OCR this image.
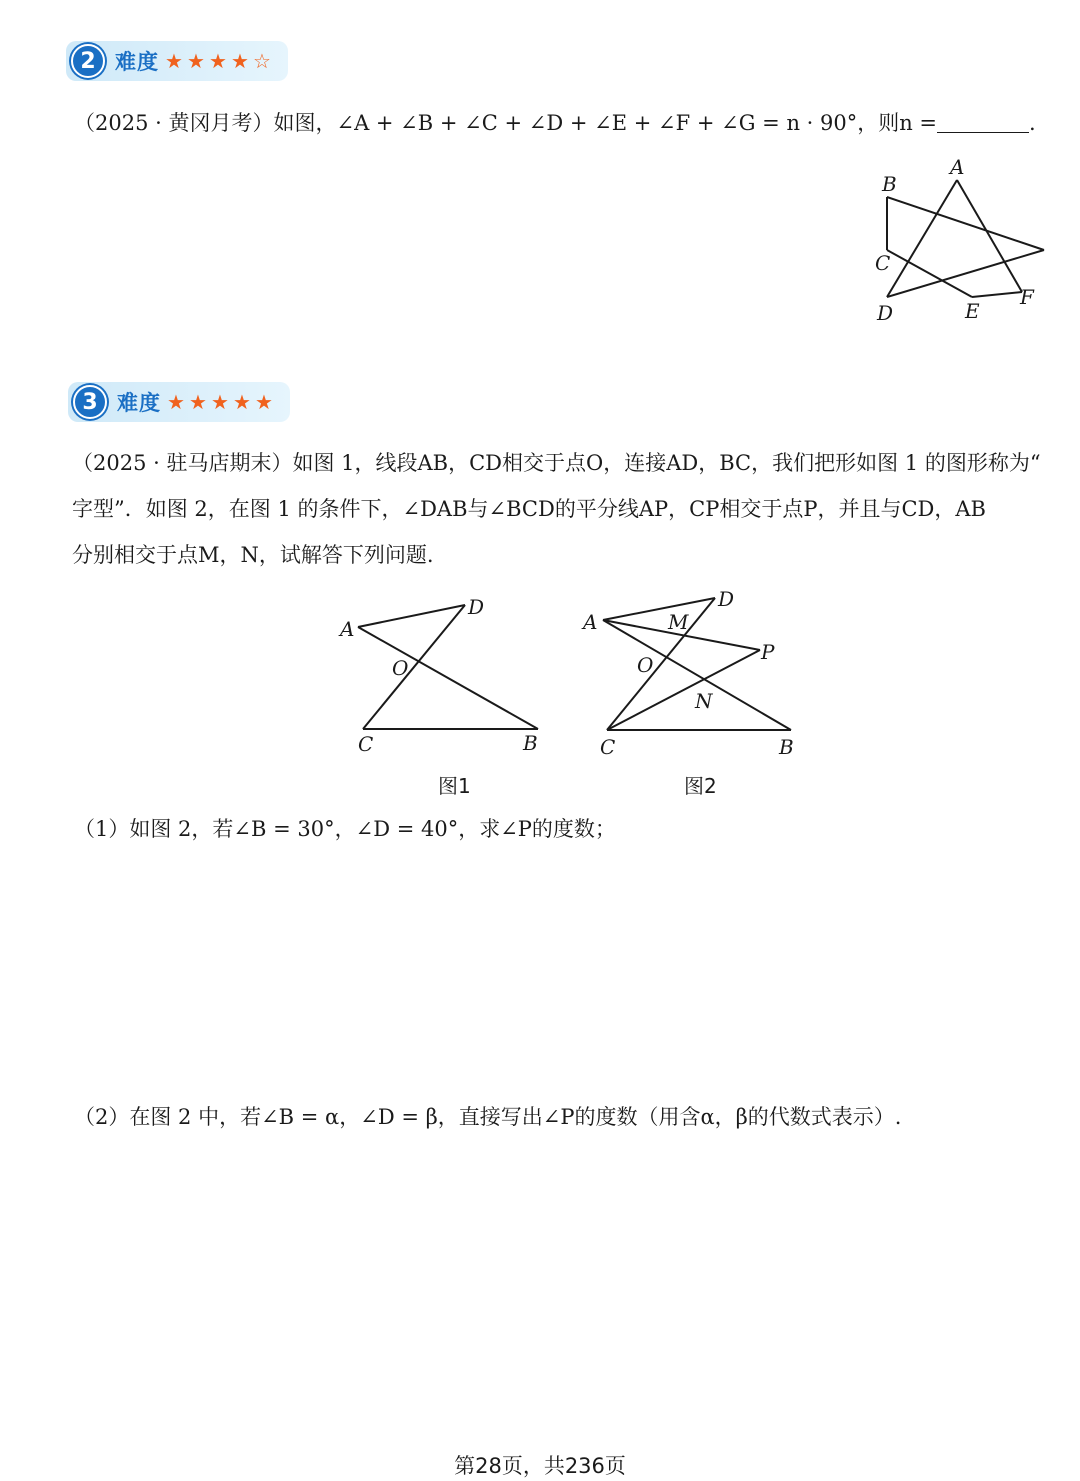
2 难度 ★ ★ ★ ★ ☆
（2025 · 黄冈月考）如图，∠A + ∠B + ∠C + ∠D + ∠E + ∠F + ∠G = n · 90°，则n =	.
A
B
C
D	E
F
3 难度 ★ ★ ★ ★ ★
（2025 · 驻马店期末）如图 1，线段AB，CD相交于点O，连接AD，BC，我们把形如图 1 的图形称为“
字型”．如图 2，在图 1 的条件下，∠DAB与∠BCD的平分线AP，CP相交于点P，并且与CD，AB
分别相交于点M，N，试解答下列问题.
A
D
O
C	B
图1
A
D
M
P
O
N
C	B
图2
（1）如图 2，若∠B = 30°，∠D = 40°，求∠P的度数；
（2）在图 2 中，若∠B = α，∠D = β，直接写出∠P的度数（用含α，β的代数式表示）.
第28页，共236页
